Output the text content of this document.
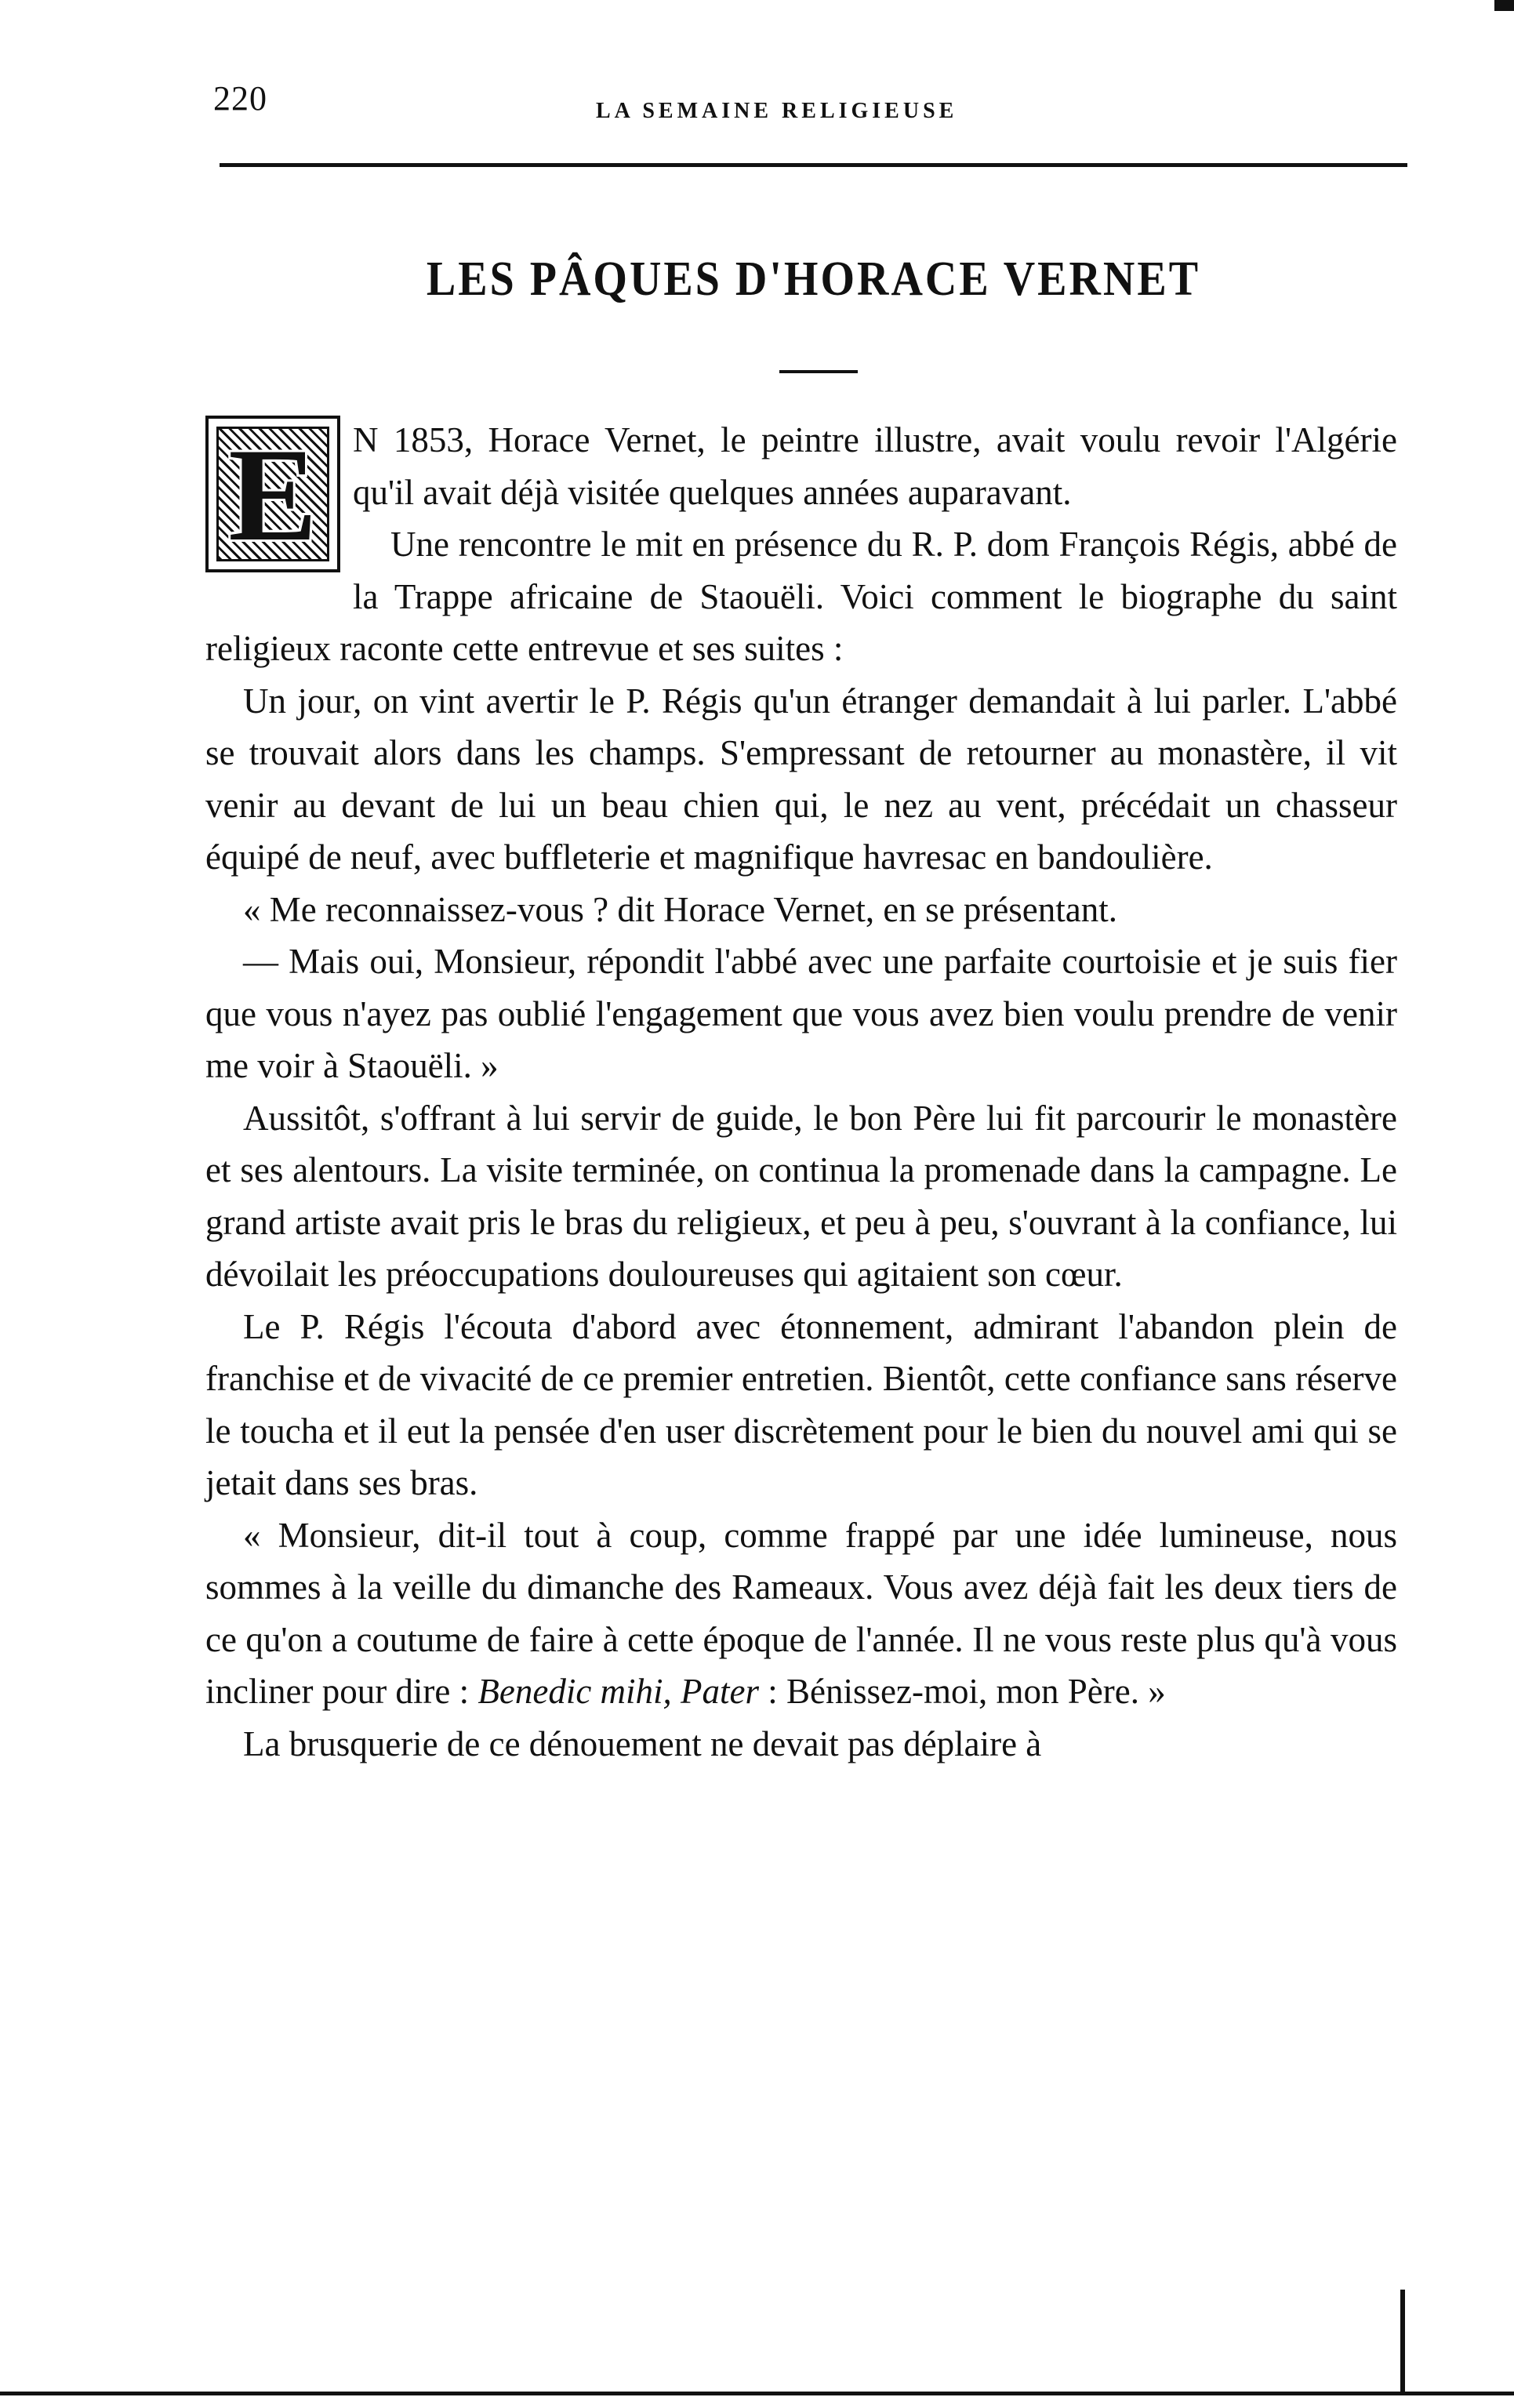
220	LA SEMAINE RELIGIEUSE
LES PÂQUES D'HORACE VERNET
E	N 1853, Horace Vernet, le peintre illustre, avait voulu revoir l'Algérie qu'il avait déjà visitée quelques années auparavant.

Une rencontre le mit en présence du R. P. dom François Régis, abbé de la Trappe africaine de Staouëli. Voici comment le biographe du saint religieux raconte cette entrevue et ses suites :

Un jour, on vint avertir le P. Régis qu'un étranger demandait à lui parler. L'abbé se trouvait alors dans les champs. S'empressant de retourner au monastère, il vit venir au devant de lui un beau chien qui, le nez au vent, précédait un chasseur équipé de neuf, avec buffleterie et magnifique havresac en bandoulière.

« Me reconnaissez-vous ? dit Horace Vernet, en se présentant.

— Mais oui, Monsieur, répondit l'abbé avec une parfaite courtoisie et je suis fier que vous n'ayez pas oublié l'engagement que vous avez bien voulu prendre de venir me voir à Staouëli. »

Aussitôt, s'offrant à lui servir de guide, le bon Père lui fit parcourir le monastère et ses alentours. La visite terminée, on continua la promenade dans la campagne. Le grand artiste avait pris le bras du religieux, et peu à peu, s'ouvrant à la confiance, lui dévoilait les préoccupations douloureuses qui agitaient son cœur.

Le P. Régis l'écouta d'abord avec étonnement, admirant l'abandon plein de franchise et de vivacité de ce premier entretien. Bientôt, cette confiance sans réserve le toucha et il eut la pensée d'en user discrètement pour le bien du nouvel ami qui se jetait dans ses bras.

« Monsieur, dit-il tout à coup, comme frappé par une idée lumineuse, nous sommes à la veille du dimanche des Rameaux. Vous avez déjà fait les deux tiers de ce qu'on a coutume de faire à cette époque de l'année. Il ne vous reste plus qu'à vous incliner pour dire : Benedic mihi, Pater : Bénissez-moi, mon Père. »

La brusquerie de ce dénouement ne devait pas déplaire à
